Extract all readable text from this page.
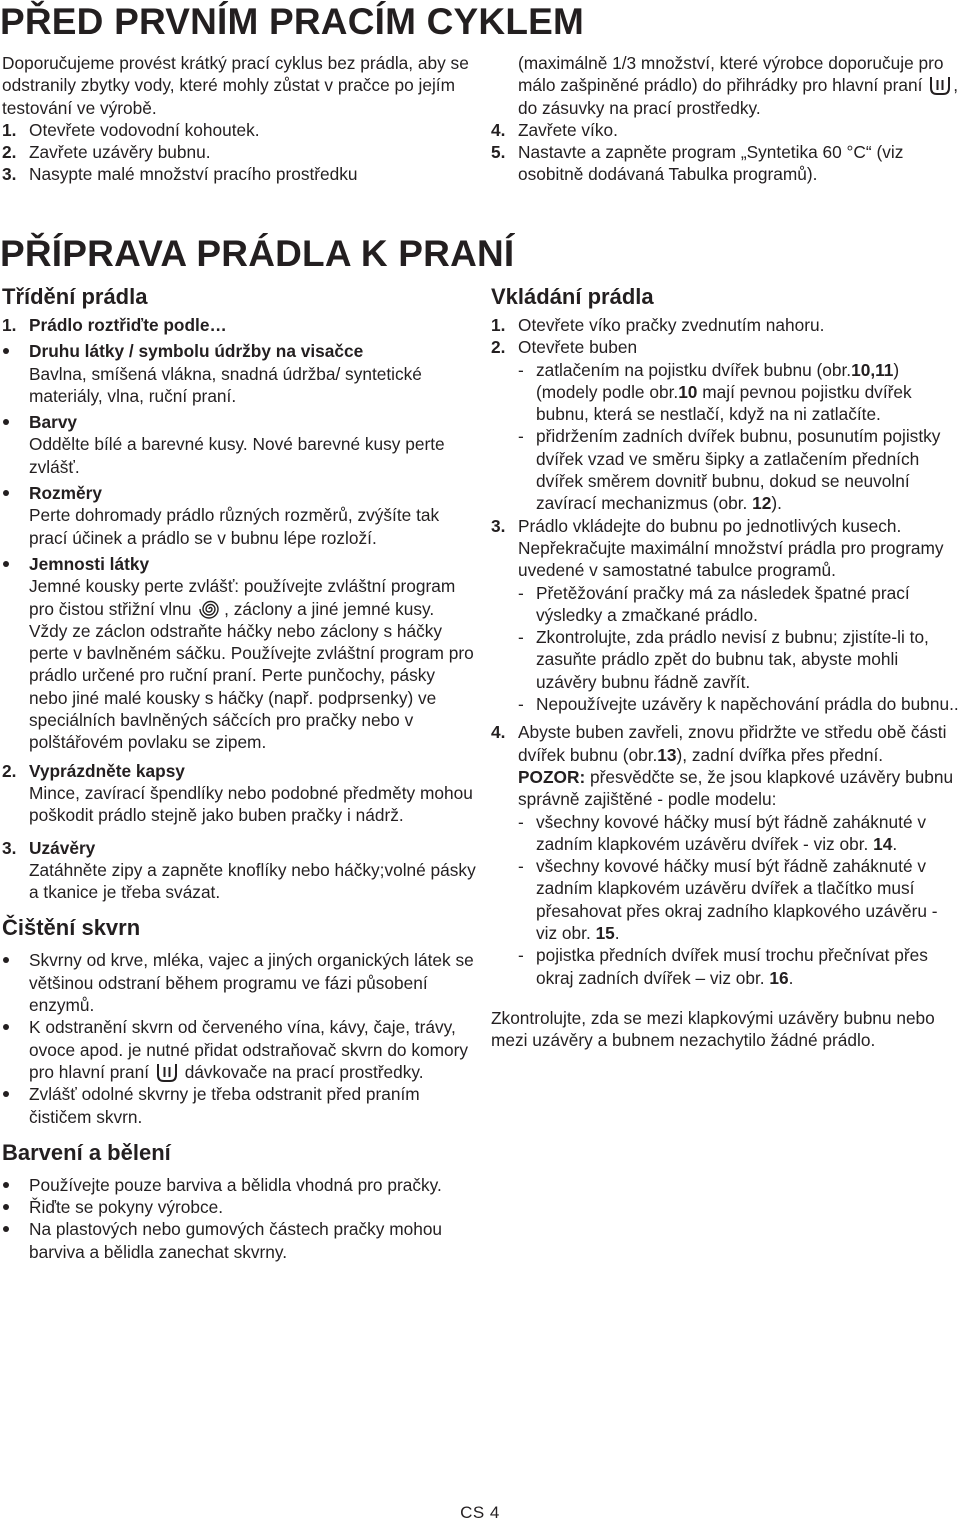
PŘED PRVNÍM PRACÍM CYKLEM

Doporučujeme provést krátký prací cyklus bez prádla, aby se odstranily zbytky vody, které mohly zůstat v pračce po jejím testování ve výrobě.

1. Otevřete vodovodní kohoutek.
2. Zavřete uzávěry bubnu.
3. Nasypte malé množství pracího prostředku
(maximálně 1/3 množství, které výrobce doporučuje pro málo zašpiněné prádlo) do přihrádky pro hlavní praní , do zásuvky na prací prostředky.
4. Zavřete víko.
5. Nastavte a zapněte program „Syntetika 60 °C“ (viz osobitně dodávaná Tabulka programů).
PŘÍPRAVA PRÁDLA K PRANÍ

Třídění prádla

1. Prádlo roztřiďte podle…
Druhu látky / symbolu údržby na visačce
Bavlna, smíšená vlákna, snadná údržba/ syntetické materiály, vlna, ruční praní.
Barvy
Oddělte bílé a barevné kusy. Nové barevné kusy perte zvlášť.
Rozměry
Perte dohromady prádlo různých rozměrů, zvýšíte tak prací účinek a prádlo se v bubnu lépe rozloží.
Jemnosti látky
Jemné kousky perte zvlášť: používejte zvláštní program pro čistou střižní vlnu , záclony a jiné jemné kusy. Vždy ze záclon odstraňte háčky nebo záclony s háčky perte v bavlněném sáčku. Používejte zvláštní program pro prádlo určené pro ruční praní. Perte punčochy, pásky nebo jiné malé kousky s háčky (např. podprsenky) ve speciálních bavlněných sáčcích pro pračky nebo v polštářovém povlaku se zipem.
2. Vyprázdněte kapsy
Mince, zavírací špendlíky nebo podobné předměty mohou poškodit prádlo stejně jako buben pračky i nádrž.
3. Uzávěry
Zatáhněte zipy a zapněte knoflíky nebo háčky;volné pásky a tkanice je třeba svázat.

Čištění skvrn

Skvrny od krve, mléka, vajec a jiných organických látek se většinou odstraní během programu ve fázi působení enzymů.
K odstranění skvrn od červeného vína, kávy, čaje, trávy, ovoce apod. je nutné přidat odstraňovač skvrn do komory pro hlavní praní  dávkovače na prací prostředky.
Zvlášť odolné skvrny je třeba odstranit před praním čističem skvrn.

Barvení a bělení

Používejte pouze barviva a bělidla vhodná pro pračky.
Řiďte se pokyny výrobce.
Na plastových nebo gumových částech pračky mohou barviva a bělidla zanechat skvrny.

Vkládání prádla

1. Otevřete víko pračky zvednutím nahoru.
2. Otevřete buben
- zatlačením na pojistku dvířek bubnu (obr.10,11) (modely podle obr.10 mají pevnou pojistku dvířek bubnu, která se nestlačí, když na ni zatlačíte.
- přidržením zadních dvířek bubnu, posunutím pojistky dvířek vzad ve směru šipky a zatlačením předních dvířek směrem dovnitř bubnu, dokud se neuvolní zavírací mechanizmus (obr. 12).
3. Prádlo vkládejte do bubnu po jednotlivých kusech. Nepřekračujte maximální množství prádla pro programy uvedené v samostatné tabulce programů.
- Přetěžování pračky má za následek špatné prací výsledky a zmačkané prádlo.
- Zkontrolujte, zda prádlo nevisí z bubnu; zjistíte-li to, zasuňte prádlo zpět do bubnu tak, abyste mohli uzávěry bubnu řádně zavřít.
- Nepoužívejte uzávěry k napěchování prádla do bubnu..
4. Abyste buben zavřeli, znovu přidržte ve středu obě části dvířek bubnu (obr.13), zadní dvířka přes přední.
POZOR: přesvědčte se, že jsou klapkové uzávěry bubnu správně zajištěné - podle modelu:
- všechny kovové háčky musí být řádně zaháknuté v zadním klapkovém uzávěru dvířek - viz obr. 14.
- všechny kovové háčky musí být řádně zaháknuté v zadním klapkovém uzávěru dvířek a tlačítko musí přesahovat přes okraj zadního klapkového uzávěru - viz obr. 15.
- pojistka předních dvířek musí trochu přečnívat přes okraj zadních dvířek – viz obr. 16.

Zkontrolujte, zda se mezi klapkovými uzávěry bubnu nebo mezi uzávěry a bubnem nezachytilo žádné prádlo.

CS 4
